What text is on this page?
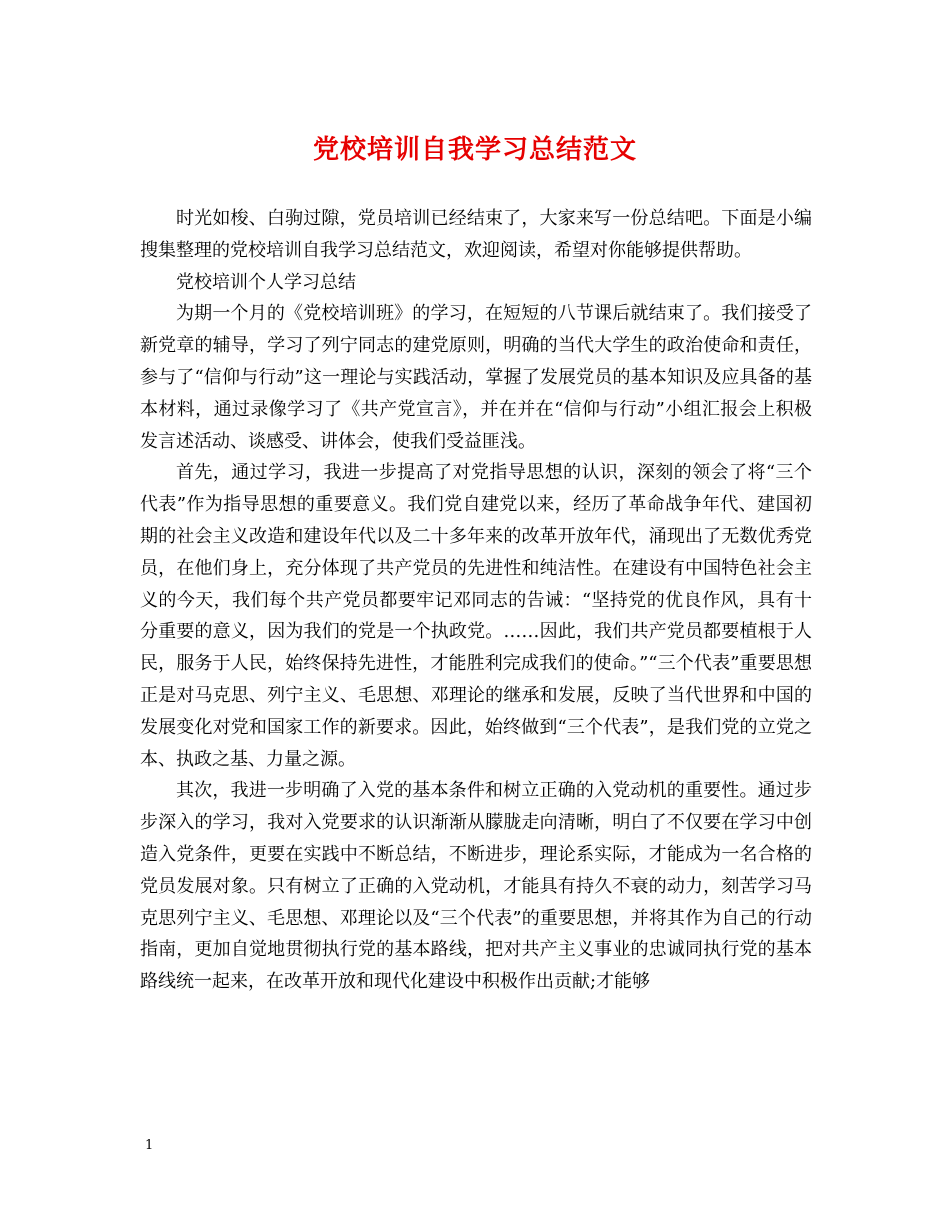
党校培训自我学习总结范文

时光如梭、白驹过隙，党员培训已经结束了，大家来写一份总结吧。下面是小编搜集整理的党校培训自我学习总结范文，欢迎阅读，希望对你能够提供帮助。

党校培训个人学习总结

为期一个月的《党校培训班》的学习，在短短的八节课后就结束了。我们接受了新党章的辅导，学习了列宁同志的建党原则，明确的当代大学生的政治使命和责任，参与了“信仰与行动”这一理论与实践活动，掌握了发展党员的基本知识及应具备的基本材料，通过录像学习了《共产党宣言》，并在并在“信仰与行动”小组汇报会上积极发言述活动、谈感受、讲体会，使我们受益匪浅。

首先，通过学习，我进一步提高了对党指导思想的认识，深刻的领会了将“三个代表”作为指导思想的重要意义。我们党自建党以来，经历了革命战争年代、建国初期的社会主义改造和建设年代以及二十多年来的改革开放年代，涌现出了无数优秀党员，在他们身上，充分体现了共产党员的先进性和纯洁性。在建设有中国特色社会主义的今天，我们每个共产党员都要牢记邓同志的告诫：“坚持党的优良作风，具有十分重要的意义，因为我们的党是一个执政党。……因此，我们共产党员都要植根于人民，服务于人民，始终保持先进性，才能胜利完成我们的使命。”“三个代表”重要思想正是对马克思、列宁主义、毛思想、邓理论的继承和发展，反映了当代世界和中国的发展变化对党和国家工作的新要求。因此，始终做到“三个代表”，是我们党的立党之本、执政之基、力量之源。

其次，我进一步明确了入党的基本条件和树立正确的入党动机的重要性。通过步步深入的学习，我对入党要求的认识渐渐从朦胧走向清晰，明白了不仅要在学习中创造入党条件，更要在实践中不断总结，不断进步，理论系实际，才能成为一名合格的党员发展对象。只有树立了正确的入党动机，才能具有持久不衰的动力，刻苦学习马克思列宁主义、毛思想、邓理论以及“三个代表”的重要思想，并将其作为自己的行动指南，更加自觉地贯彻执行党的基本路线，把对共产主义事业的忠诚同执行党的基本路线统一起来，在改革开放和现代化建设中积极作出贡献;才能够

1
